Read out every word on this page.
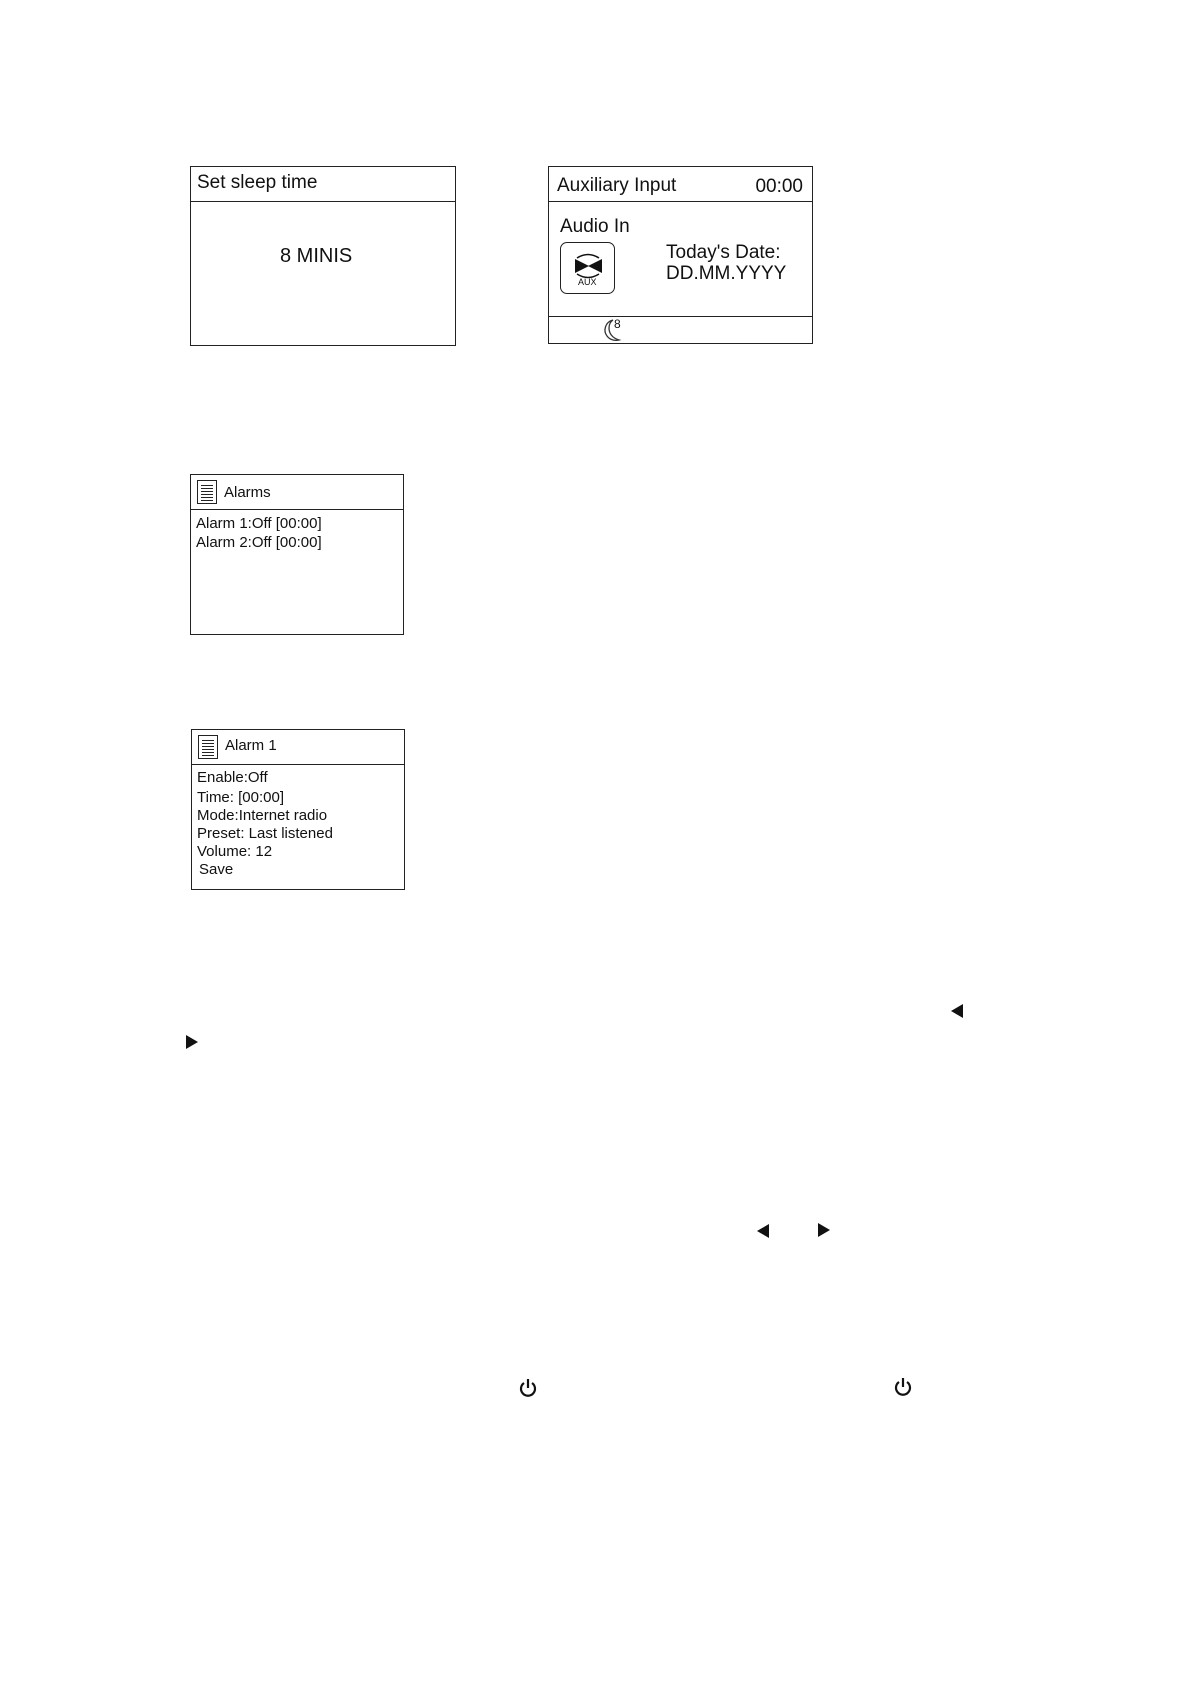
Set sleep time
8 MINIS
Auxiliary Input	00:00
Audio In
AUX
Today's Date:
DD.MM.YYYY
8
Alarms
Alarm 1:Off [00:00]
Alarm 2:Off [00:00]
Alarm 1
Enable:Off
Time: [00:00]
Mode:Internet radio
Preset: Last listened
Volume: 12
Save
